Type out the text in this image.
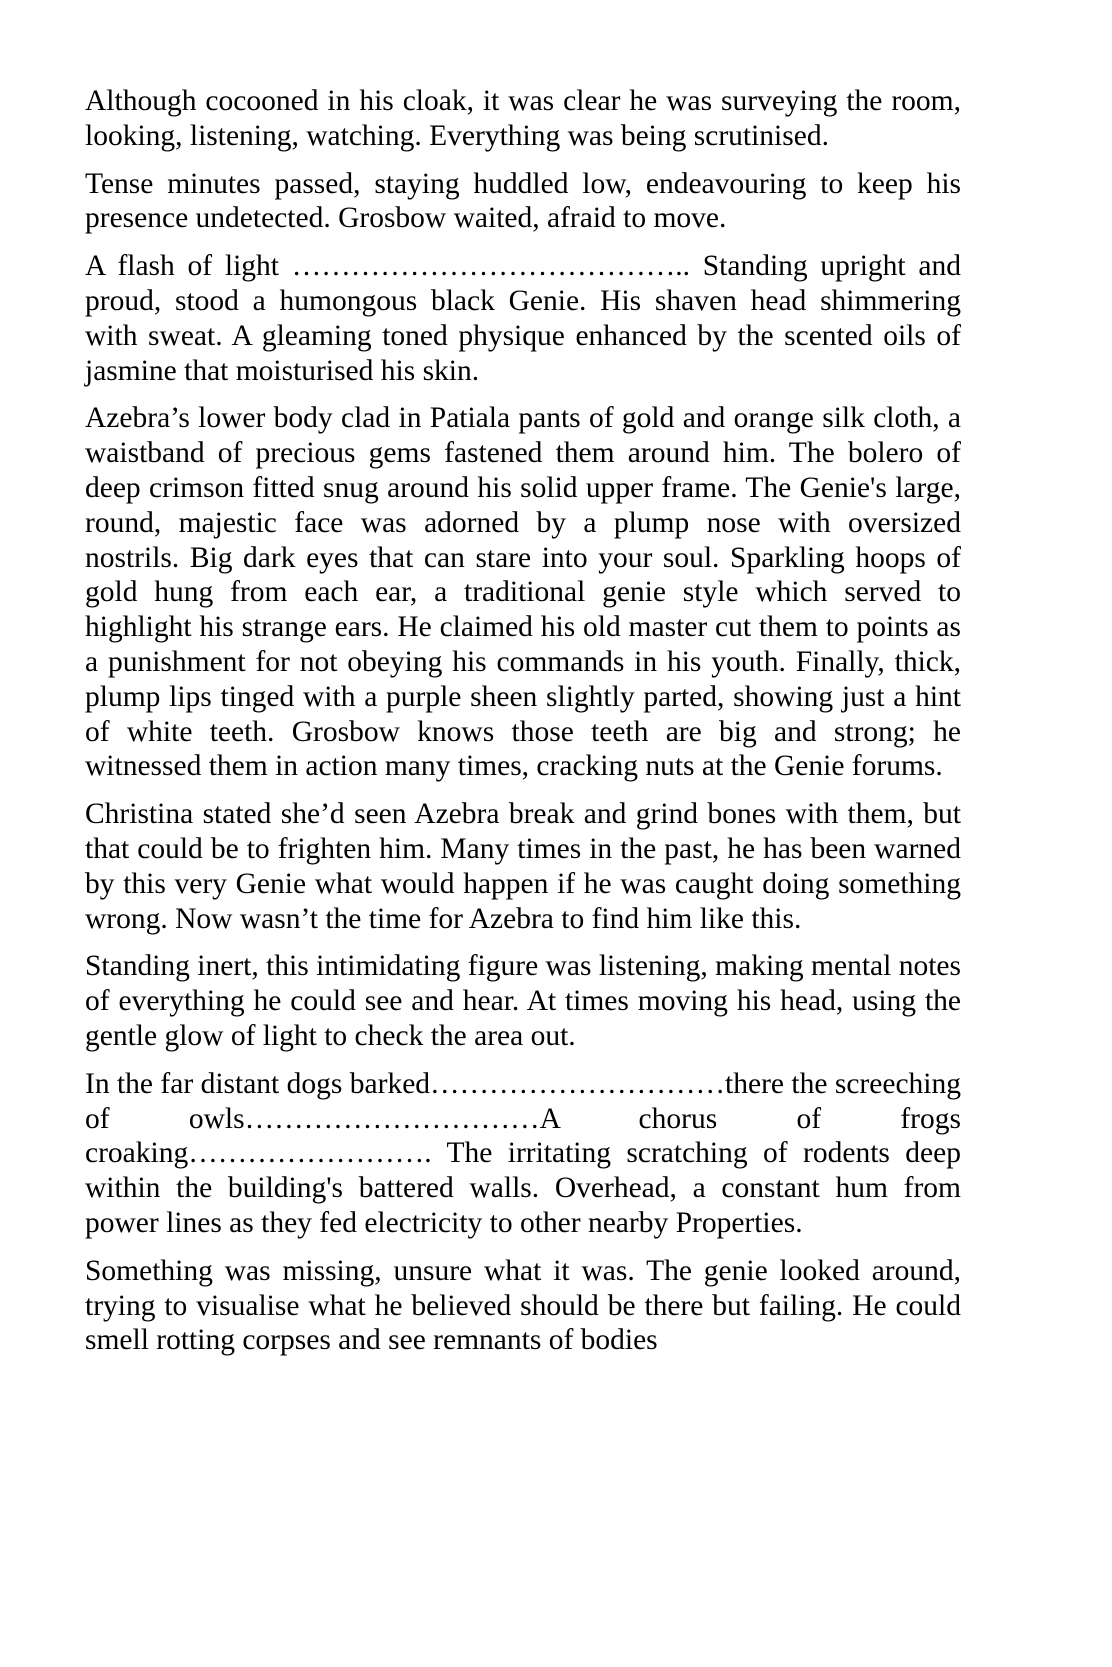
Although cocooned in his cloak, it was clear he was surveying the room, looking, listening, watching. Everything was being scrutinised.

Tense minutes passed, staying huddled low, endeavouring to keep his presence undetected. Grosbow waited, afraid to move.

A flash of light ………………………………….. Standing upright and proud, stood a humongous black Genie. His shaven head shimmering with sweat. A gleaming toned physique enhanced by the scented oils of jasmine that moisturised his skin.

Azebra’s lower body clad in Patiala pants of gold and orange silk cloth, a waistband of precious gems fastened them around him. The bolero of deep crimson fitted snug around his solid upper frame. The Genie's large, round, majestic face was adorned by a plump nose with oversized nostrils. Big dark eyes that can stare into your soul. Sparkling hoops of gold hung from each ear, a traditional genie style which served to highlight his strange ears. He claimed his old master cut them to points as a punishment for not obeying his commands in his youth. Finally, thick, plump lips tinged with a purple sheen slightly parted, showing just a hint of white teeth. Grosbow knows those teeth are big and strong; he witnessed them in action many times, cracking nuts at the Genie forums.

Christina stated she’d seen Azebra break and grind bones with them, but that could be to frighten him. Many times in the past, he has been warned by this very Genie what would happen if he was caught doing something wrong. Now wasn’t the time for Azebra to find him like this.

Standing inert, this intimidating figure was listening, making mental notes of everything he could see and hear. At times moving his head, using the gentle glow of light to check the area out.

In the far distant dogs barked…………………………there the screeching of owls…………………………A chorus of frogs croaking……………………. The irritating scratching of rodents deep within the building's battered walls. Overhead, a constant hum from power lines as they fed electricity to other nearby Properties.

Something was missing, unsure what it was. The genie looked around, trying to visualise what he believed should be there but failing. He could smell rotting corpses and see remnants of bodies
